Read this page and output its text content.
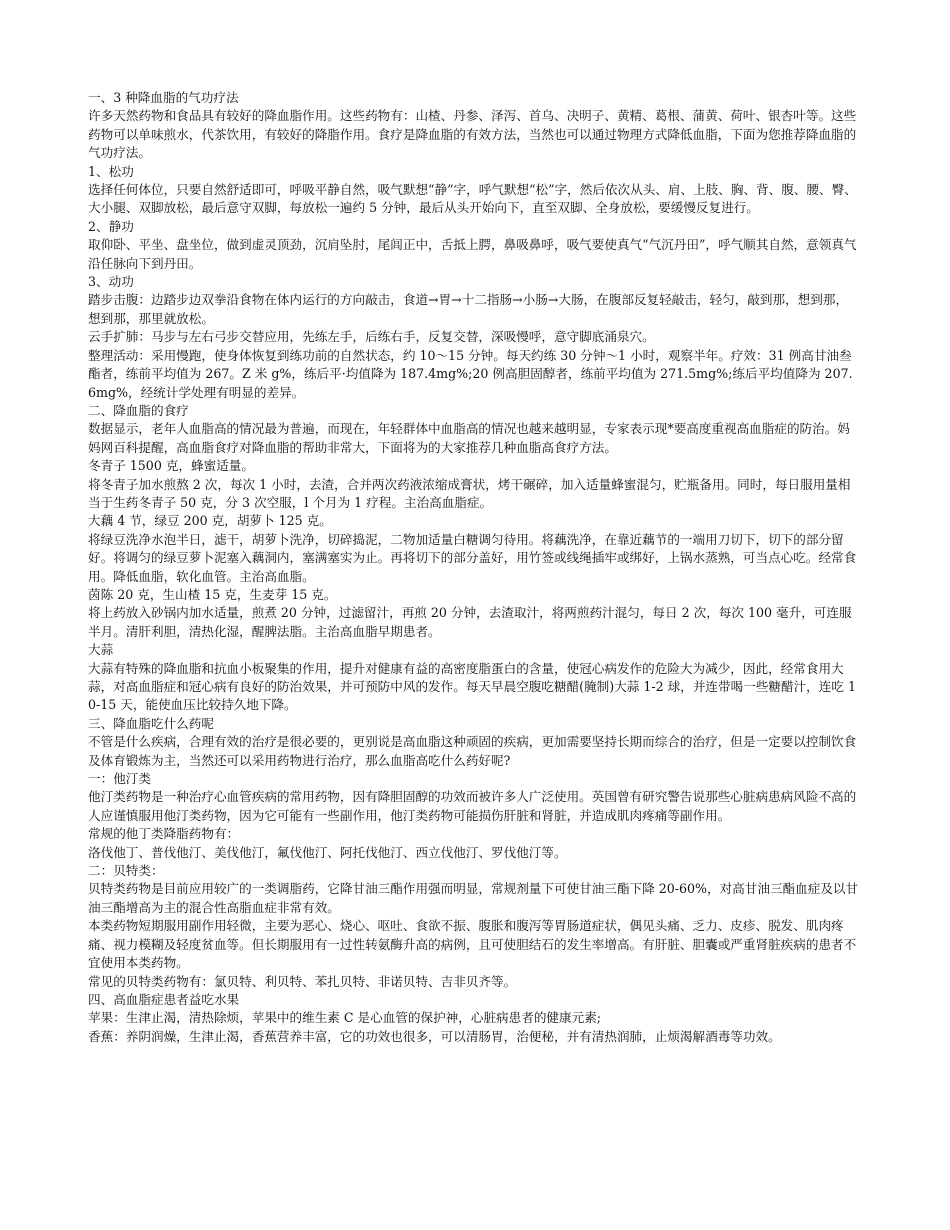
一、3 种降血脂的气功疗法

许多天然药物和食品具有较好的降血脂作用。这些药物有：山楂、丹参、泽泻、首乌、决明子、黄精、葛根、蒲黄、荷叶、银杏叶等。这些药物可以单味煎水，代茶饮用，有较好的降脂作用。食疗是降血脂的有效方法，当然也可以通过物理方式降低血脂，下面为您推荐降血脂的气功疗法。

1、松功

选择任何体位，只要自然舒适即可，呼吸平静自然，吸气默想“静”字，呼气默想“松”字，然后依次从头、肩、上肢、胸、背、腹、腰、臀、大小腿、双脚放松，最后意守双脚，每放松一遍约 5 分钟，最后从头开始向下，直至双脚、全身放松，要缓慢反复进行。

2、静功

取仰卧、平坐、盘坐位，做到虚灵顶劲，沉肩坠肘，尾闾正中，舌抵上腭，鼻吸鼻呼，吸气要使真气“气沉丹田”，呼气顺其自然，意领真气沿任脉向下到丹田。

3、动功

踏步击腹：边踏步边双拳沿食物在体内运行的方向敲击，食道→胃→十二指肠→小肠→大肠，在腹部反复轻敲击，轻匀，敲到那，想到那，想到那，那里就放松。

云手扩肺：马步与左右弓步交替应用，先练左手，后练右手，反复交替，深吸慢呼，意守脚底涌泉穴。

整理活动：采用慢跑，使身体恢复到练功前的自然状态，约 10～15 分钟。每天约练 30 分钟～1 小时，观察半年。疗效：31 例高甘油叁酯者，练前平均值为 267。Z 米 g%，练后平·均值降为 187.4mg%;20 例高胆固醇者，练前平均值为 271.5mg%;练后平均值降为 207.6mg%，经统计学处理有明显的差异。

二、降血脂的食疗

数据显示，老年人血脂高的情况最为普遍，而现在，年轻群体中血脂高的情况也越来越明显，专家表示现*要高度重视高血脂症的防治。妈妈网百科提醒，高血脂食疗对降血脂的帮助非常大，下面将为的大家推荐几种血脂高食疗方法。

冬青子 1500 克，蜂蜜适量。

将冬青子加水煎熬 2 次，每次 1 小时，去渣，合并两次药液浓缩成膏状，烤干碾碎，加入适量蜂蜜混匀，贮瓶备用。同时，每日服用量相当于生药冬青子 50 克，分 3 次空服，l 个月为 1 疗程。主治高血脂症。

大藕 4 节，绿豆 200 克，胡萝卜 125 克。

将绿豆洗净水泡半日，滤干，胡萝卜洗净，切碎捣泥，二物加适量白糖调匀待用。将藕洗净，在靠近藕节的一端用刀切下，切下的部分留好。将调匀的绿豆萝卜泥塞入藕洞内，塞满塞实为止。再将切下的部分盖好，用竹签或线绳插牢或绑好，上锅水蒸熟，可当点心吃。经常食用。降低血脂，软化血管。主治高血脂。

茵陈 20 克，生山楂 15 克，生麦芽 15 克。

将上药放入砂锅内加水适量，煎煮 20 分钟，过滤留汁，再煎 20 分钟，去渣取汁，将两煎药汁混匀，每日 2 次，每次 100 毫升，可连服半月。清肝利胆，清热化湿，醒脾法脂。主治高血脂早期患者。

大蒜

大蒜有特殊的降血脂和抗血小板聚集的作用，提升对健康有益的高密度脂蛋白的含量，使冠心病发作的危险大为减少，因此，经常食用大蒜，对高血脂症和冠心病有良好的防治效果，并可预防中风的发作。每天早晨空腹吃糖醋(腌制)大蒜 1-2 球，并连带喝一些糖醋汁，连吃 10-15 天，能使血压比较持久地下降。

三、降血脂吃什么药呢

不管是什么疾病，合理有效的治疗是很必要的，更别说是高血脂这种顽固的疾病，更加需要坚持长期而综合的治疗，但是一定要以控制饮食及体育锻炼为主，当然还可以采用药物进行治疗，那么血脂高吃什么药好呢?

一：他汀类

他汀类药物是一种治疗心血管疾病的常用药物，因有降胆固醇的功效而被许多人广泛使用。英国曾有研究警告说那些心脏病患病风险不高的人应谨慎服用他汀类药物，因为它可能有一些副作用，他汀类药物可能损伤肝脏和肾脏，并造成肌肉疼痛等副作用。

常规的他丁类降脂药物有：

洛伐他丁、普伐他汀、美伐他汀，氟伐他汀、阿托伐他汀、西立伐他汀、罗伐他汀等。

二：贝特类：

贝特类药物是目前应用较广的一类调脂药，它降甘油三酯作用强而明显，常规剂量下可使甘油三酯下降 20-60%，对高甘油三酯血症及以甘油三酯增高为主的混合性高脂血症非常有效。

本类药物短期服用副作用轻微，主要为恶心、烧心、呕吐、食欲不振、腹胀和腹泻等胃肠道症状，偶见头痛、乏力、皮疹、脱发、肌肉疼痛、视力模糊及轻度贫血等。但长期服用有一过性转氨酶升高的病例，且可使胆结石的发生率增高。有肝脏、胆囊或严重肾脏疾病的患者不宜使用本类药物。

常见的贝特类药物有：氯贝特、利贝特、苯扎贝特、非诺贝特、吉非贝齐等。

四、高血脂症患者益吃水果

苹果：生津止渴，清热除烦，苹果中的维生素 C 是心血管的保护神，心脏病患者的健康元素;

香蕉：养阴润燥，生津止渴，香蕉营养丰富，它的功效也很多，可以清肠胃，治便秘，并有清热润肺，止烦渴解酒毒等功效。
